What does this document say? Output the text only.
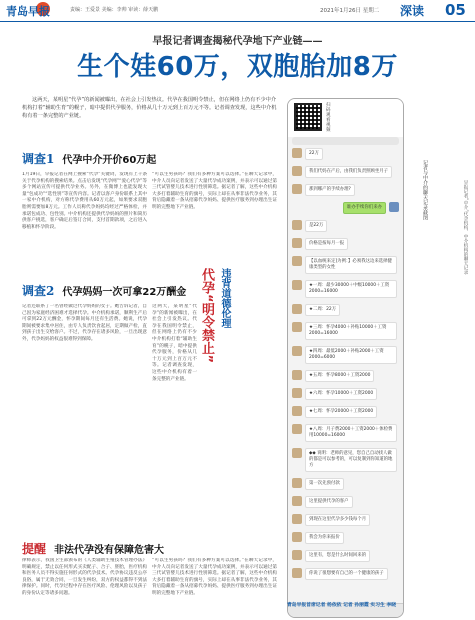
青岛早报	责编：王爱景 美编：李帅 审读：薛天鹏	2021年1月26日 星期二 深读 05
早报记者调查揭秘代孕地下产业链——
生个娃60万，双胞胎加8万

这两天，某明星“代孕”的新闻被曝出，在社会上引发热议。代孕在我国明令禁止，但在网络上仍有不少中介机构打着“辅助生育”的幌子，暗中提供代孕服务，价格从几十万元到上百万元不等。记者调查发现，这些中介机构有着一条完整的产业链。

调查1 代孕中介开价60万起

1月19日，早报记者在网上搜索“代孕”关键词，发现有上千条关于代孕机构的搜索结果。点击后发现“代孕网”“爱心代孕”等多个网站宣传可提供代孕业务。另外，在微博上也能发现大量“包成功”“选性别”等宣传内容。记者以客户身份联系上其中一家中介机构，对方称代孕费用从60万元起，如果要求双胞胎则需要加8万元。工作人员称代孕妈妈均经过严格体检，并承诺包成功、包性别。中介机构还提供代孕妈妈的照片和简历供客户挑选，客户确定后签订合同，支付首期款项，之后进入移植和怀孕阶段。

“可以生男孩吗？我们有多种方案可以选择。”在聊天记录中，中介人员向记者发送了大量代孕成功案例，并表示可以通过第三代试管婴儿技术进行性别筛选。据记者了解，这些中介机构大多打着辅助生育的旗号，实际上却在从事非法代孕业务，其背后隐藏着一条从招募代孕妈妈、提供医疗服务到办理出生证明的完整地下产业链。

调查2 代孕妈妈一次可拿22万酬金

记者还联系了一名曾经做过代孕妈妈的女子。她告诉记者，自己因为家庭经济困难才选择代孕。中介机构承诺，顺利生产后可拿到22万元酬金，怀孕期间每月还有生活费。她说，代孕期间被要求集中居住，由专人负责饮食起居，定期做产检，直到孩子出生交给客户。不过，代孕存在诸多风险，一旦出现意外，代孕妈妈的权益很难得到保障。

这两天，某明星“代孕”的新闻被曝出，在社会上引发热议。代孕在我国明令禁止，但在网络上仍有不少中介机构打着“辅助生育”的幌子，暗中提供代孕服务，价格从几十万元到上百万元不等。记者调查发现，这些中介机构有着一条完整的产业链。

代孕“明令禁止” 违背道德伦理
提醒 非法代孕没有保障危害大

律师表示，我国卫生部颁布的《人类辅助生殖技术管理办法》明确规定，禁止以任何形式买卖配子、合子、胚胎，医疗机构和医务人员不得实施任何形式的代孕技术。代孕协议违反公序良俗，属于无效合同，一旦发生纠纷，双方的权益都得不到法律保护。同时，代孕过程中存在医疗风险、伦理风险以及孩子的身份认定等诸多问题。

“可以生男孩吗？我们有多种方案可以选择。”在聊天记录中，中介人员向记者发送了大量代孕成功案例，并表示可以通过第三代试管婴儿技术进行性别筛选。据记者了解，这些中介机构大多打着辅助生育的旗号，实际上却在从事非法代孕业务，其背后隐藏着一条从招募代孕妈妈、提供医疗服务到办理出生证明的完整地下产业链。

扫码观看视频
22万
我们代妈在产后，由我们负责照顾坐月子
那到哪产的手续办理?
谁办手续你们来办
是22万
价格是按每月一报
【以血统来定]为例：】必须我这边来选择健康类型的女性
★一周：最少30000＋中级10000＋工资2000=16000
★二周：22万
★三周：怀孕4000＋补贴10000＋工资2000=16000
★四周：最低2000＋补贴2000＋工资2000=6000
★五周：怀孕8000＋工资2000
★六周：怀孕10000＋工资2000
★七周：怀孕20000＋工资2000
★八周：月子费2000＋工资2000＋体检费用10000=16000
◆◆ 说明：老师的意见，您自己自动找人做的都是可以参考的，可以复制到你知道的地方
第一次先预付款
这里提供代孕的客户
到现在这里代孕多少钱每个月
我会为你来报价
这里有，您是什么时间回来的
你说了很想要有自己的一个健康的孩子
记者与中介的聊天记录截图	早报记者“中介”代孕机构，中介机构的聊天记录
青岛早报首席记者 杨依依 记者 孙丽霞 实习生 李晓
